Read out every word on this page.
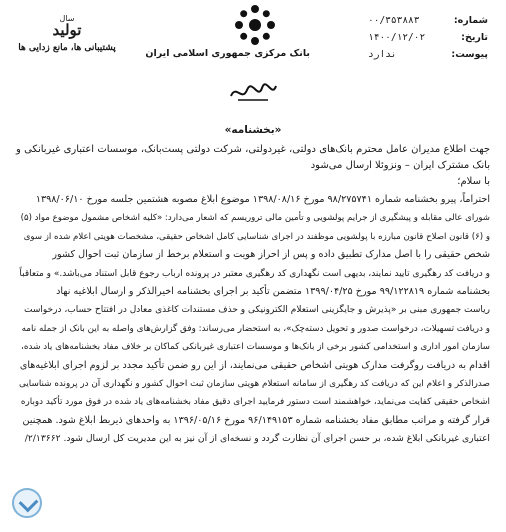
شماره:
۰۰/۳۵۳۸۸۳
تاریخ:
۱۴۰۰/۱۲/۰۲
پیوست:
ندارد
بانک مرکزی جمهوری اسلامی ایران
سال
تولید
پشتیبانی ها، مانع زدایی ها
«بخشنامه»
جهت اطلاع مدیران عامل محترم بانک‌های دولتی، غیردولتی، شرکت دولتی پست‌بانک، موسسات اعتباری غیربانکی و بانک مشترک ایران – ونزوئلا ارسال می‌شود
با سلام؛
احتراماً، پیرو بخشنامه شماره ۹۸/۲۷۵۷۴۱ مورخ ۱۳۹۸/۰۸/۱۶ موضوع ابلاغ مصوبه هشتمین جلسه مورخ ۱۳۹۸/۰۶/۱۰
شورای عالی مقابله و پیشگیری از جرایم پولشویی و تأمین مالی تروریسم که اشعار می‌دارد: «کلیه اشخاص مشمول موضوع مواد (۵)
و (۶) قانون اصلاح قانون مبارزه با پولشویی موظفند در اجرای شناسایی کامل اشخاص حقیقی، مشخصات هویتی اعلام شده از سوی
شخص حقیقی را با اصل مدارک تطبیق داده و پس از احراز هویت و استعلام برخط از سازمان ثبت احوال کشور
و دریافت کد رهگیری تایید نمایند، بدیهی است نگهداری کد رهگیری معتبر در پرونده ارباب رجوع قابل استناد می‌باشد.» و متعاقباً
بخشنامه شماره ۹۹/۱۲۲۸۱۹ مورخ ۱۳۹۹/۰۴/۲۵ متضمن تأکید بر اجرای بخشنامه اخیرالذکر و ارسال ابلاغیه نهاد
ریاست جمهوری مبنی بر «پذیرش و جایگزینی استعلام الکترونیکی و حذف مستندات کاغذی معادل در افتتاح حساب، درخواست
و دریافت تسهیلات، درخواست صدور و تحویل دسته‌چک»، به استحضار می‌رساند: وفق گزارش‌های واصله به این بانک از جمله نامه
سازمان امور اداری و استخدامی کشور برخی از بانک‌ها و موسسات اعتباری غیربانکی کماکان بر خلاف مفاد بخشنامه‌های یاد شده،
اقدام به دریافت روگرفت مدارک هویتی اشخاص حقیقی می‌نمایند، از این رو ضمن تأکید مجدد بر لزوم اجرای ابلاغیه‌های
صدرالذکر و اعلام این که دریافت کد رهگیری از سامانه استعلام هویتی سازمان ثبت احوال کشور و نگهداری آن در پرونده شناسایی
اشخاص حقیقی کفایت می‌نماید، خواهشمند است دستور فرمایید اجرای دقیق مفاد بخشنامه‌های یاد شده در فوق مورد تأکید دوباره
قرار گرفته و مراتب مطابق مفاد بخشنامه شماره ۹۶/۱۴۹۱۵۳ مورخ ۱۳۹۶/۰۵/۱۶ به واحدهای ذیربط ابلاغ شود. همچنین
اعتباری غیربانکی ابلاغ شده، بر حسن اجرای آن نظارت گردد و نسخه‌ای از آن نیز به این مدیریت کل ارسال شود. ۲/۱۳۶۶۲/
